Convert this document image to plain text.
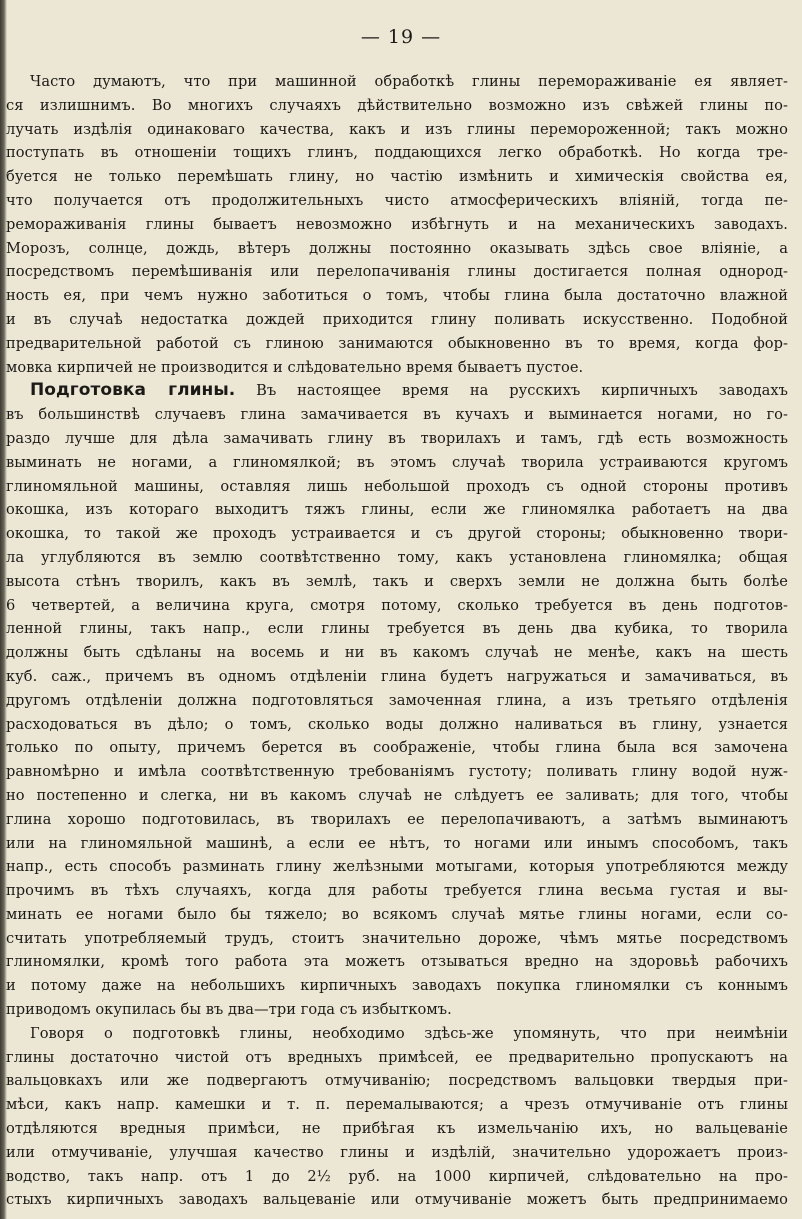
— 19 —
Часто думаютъ, что при машинной обработкѣ глины переморaживаніе ея являет-
ся излишнимъ. Во многихъ случаяхъ дѣйствительно возможно изъ свѣжей глины по-
лучать издѣлія одинаковаго качества, какъ и изъ глины перемороженной; такъ можно
поступать въ отношеніи тощихъ глинъ, поддающихся легко обработкѣ. Но когда тре-
буется не только перемѣшать глину, но частію измѣнить и химическія свойства ея,
что получается отъ продолжительныхъ чисто атмосферическихъ вліяній, тогда пе-
ремораживанія глины бываетъ невозможно избѣгнуть и на механическихъ заводахъ.
Морозъ, солнце, дождь, вѣтеръ должны постоянно оказывать здѣсь свое вліяніе, а
посредствомъ перемѣшиванія или перелопачиванія глины достигается полная однород-
ность ея, при чемъ нужно заботиться о томъ, чтобы глина была достаточно влажной
и въ случаѣ недостатка дождей приходится глину поливать искусственно. Подобной
предварительной работой съ глиною занимаются обыкновенно въ то время, когда фор-
мовка кирпичей не производится и слѣдовательно время бываетъ пустое.
Подготовка глины. Въ настоящее время на русскихъ кирпичныхъ заводахъ
въ большинствѣ случаевъ глина замачивается въ кучахъ и выминается ногами, но го-
раздо лучше для дѣла замачивать глину въ творилахъ и тамъ, гдѣ есть возможность
выминать не ногами, а глиномялкой; въ этомъ случаѣ творила устраиваются кругомъ
глиномяльной машины, оставляя лишь небольшой проходъ съ одной стороны противъ
окошка, изъ котораго выходитъ тяжъ глины, если же глиномялка работаетъ на два
окошка, то такой же проходъ устраивается и съ другой стороны; обыкновенно твори-
ла углубляются въ землю соотвѣтственно тому, какъ установлена глиномялка; общая
высота стѣнъ творилъ, какъ въ землѣ, такъ и сверхъ земли не должна быть болѣе
6 четвертей, а величина круга, смотря потому, сколько требуется въ день подготов-
ленной глины, такъ напр., если глины требуется въ день два кубика, то творила
должны быть сдѣланы на восемь и ни въ какомъ случаѣ не менѣе, какъ на шесть
куб. саж., причемъ въ одномъ отдѣленіи глина будетъ нагружаться и замачиваться, въ
другомъ отдѣленіи должна подготовляться замоченная глина, а изъ третьяго отдѣленія
расходоваться въ дѣло; о томъ, сколько воды должно наливаться въ глину, узнается
только по опыту, причемъ берется въ соображеніе, чтобы глина была вся замочена
равномѣрно и имѣла соотвѣтственную требованіямъ густоту; поливать глину водой нуж-
но постепенно и слегка, ни въ какомъ случаѣ не слѣдуетъ ее заливать; для того, чтобы
глина хорошо подготовилась, въ творилахъ ее перелопачиваютъ, а затѣмъ выминаютъ
или на глиномяльной машинѣ, а если ее нѣтъ, то ногами или инымъ способомъ, такъ
напр., есть способъ разминать глину желѣзными мотыгами, которыя употребляются между
прочимъ въ тѣхъ случаяхъ, когда для работы требуется глина весьма густая и вы-
минать ее ногами было бы тяжело; во всякомъ случаѣ мятье глины ногами, если со-
считать употребляемый трудъ, стоитъ значительно дороже, чѣмъ мятье посредствомъ
глиномялки, кромѣ того работа эта можетъ отзываться вредно на здоровьѣ рабочихъ
и потому даже на небольшихъ кирпичныхъ заводахъ покупка глиномялки съ коннымъ
приводомъ окупилась бы въ два—три года съ избыткомъ.
Говоря о подготовкѣ глины, необходимо здѣсь-же упомянуть, что при неимѣніи
глины достаточно чистой отъ вредныхъ примѣсей, ее предварительно пропускаютъ на
вальцовкахъ или же подвергаютъ отмучиванію; посредствомъ вальцовки твердыя при-
мѣси, какъ напр. камешки и т. п. перемалываются; а чрезъ отмучиваніе отъ глины
отдѣляются вредныя примѣси, не прибѣгая къ измельчанію ихъ, но вальцеваніе
или отмучиваніе, улучшая качество глины и издѣлій, значительно удорожаетъ произ-
водство, такъ напр. отъ 1 до 2½ руб. на 1000 кирпичей, слѣдовательно на про-
стыхъ кирпичныхъ заводахъ вальцеваніе или отмучиваніе можетъ быть предпринимаемо
